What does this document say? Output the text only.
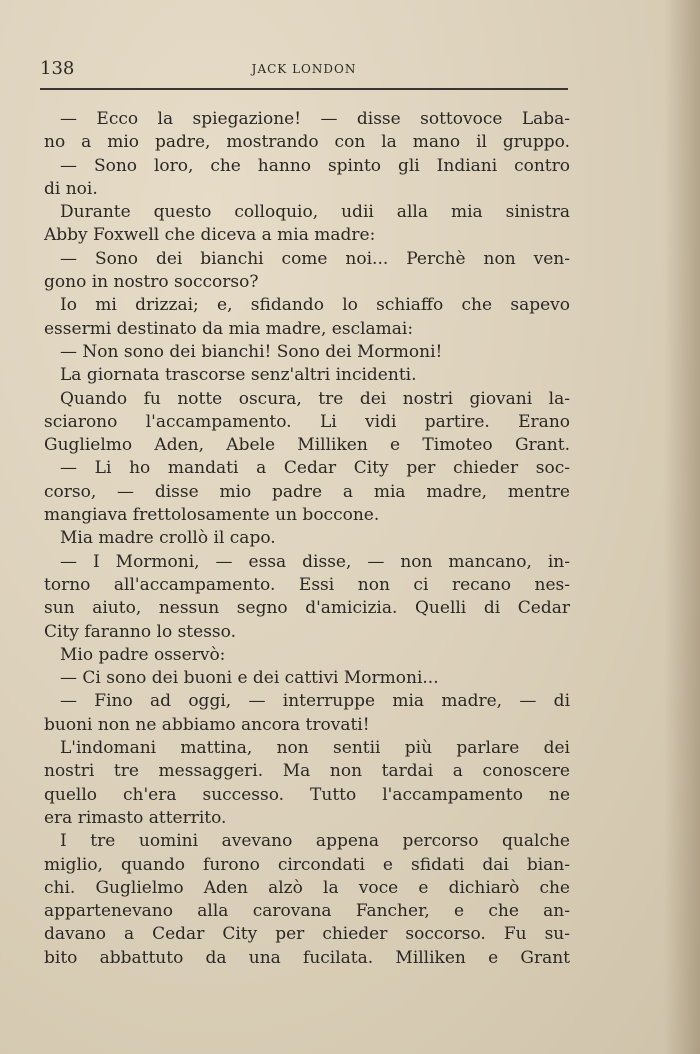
138	JACK LONDON
— Ecco la spiegazione! — disse sottovoce Laba-
no a mio padre, mostrando con la mano il gruppo.
— Sono loro, che hanno spinto gli Indiani contro
di noi.
Durante questo colloquio, udii alla mia sinistra
Abby Foxwell che diceva a mia madre:
— Sono dei bianchi come noi... Perchè non ven-
gono in nostro soccorso?
Io mi drizzai; e, sfidando lo schiaffo che sapevo
essermi destinato da mia madre, esclamai:
— Non sono dei bianchi! Sono dei Mormoni!
La giornata trascorse senz'altri incidenti.
Quando fu notte oscura, tre dei nostri giovani la-
sciarono l'accampamento. Li vidi partire. Erano
Guglielmo Aden, Abele Milliken e Timoteo Grant.
— Li ho mandati a Cedar City per chieder soc-
corso, — disse mio padre a mia madre, mentre
mangiava frettolosamente un boccone.
Mia madre crollò il capo.
— I Mormoni, — essa disse, — non mancano, in-
torno all'accampamento. Essi non ci recano nes-
sun aiuto, nessun segno d'amicizia. Quelli di Cedar
City faranno lo stesso.
Mio padre osservò:
— Ci sono dei buoni e dei cattivi Mormoni...
— Fino ad oggi, — interruppe mia madre, — di
buoni non ne abbiamo ancora trovati!
L'indomani mattina, non sentii più parlare dei
nostri tre messaggeri. Ma non tardai a conoscere
quello ch'era successo. Tutto l'accampamento ne
era rimasto atterrito.
I tre uomini avevano appena percorso qualche
miglio, quando furono circondati e sfidati dai bian-
chi. Guglielmo Aden alzò la voce e dichiarò che
appartenevano alla carovana Fancher, e che an-
davano a Cedar City per chieder soccorso. Fu su-
bito abbattuto da una fucilata. Milliken e Grant
